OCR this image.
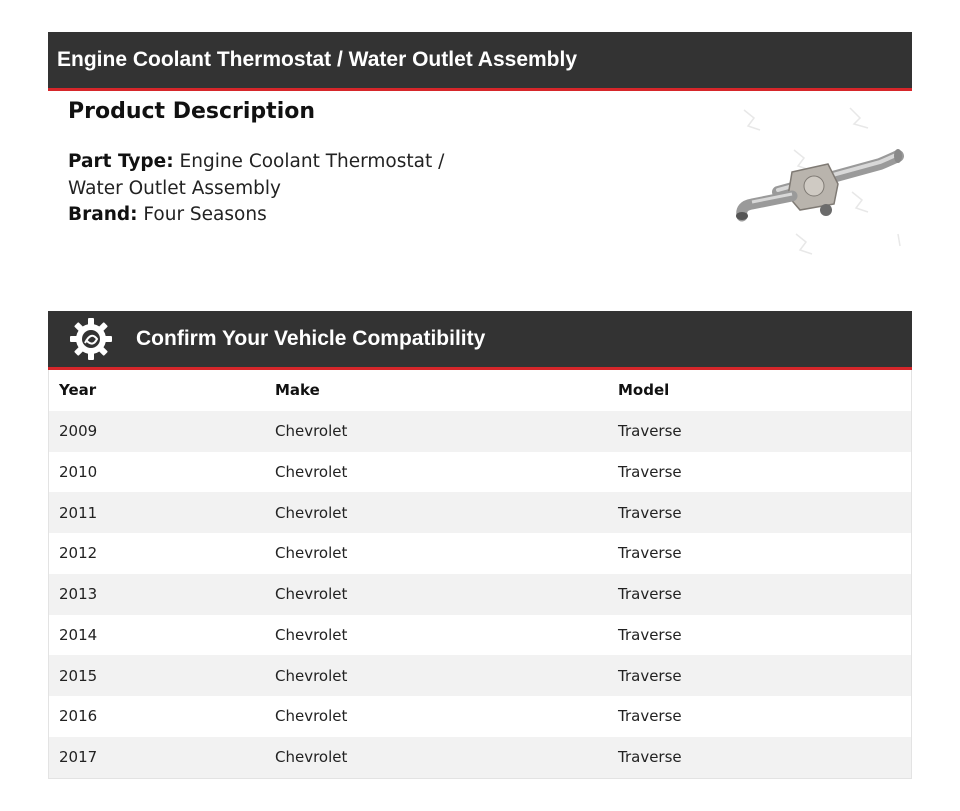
Engine Coolant Thermostat / Water Outlet Assembly
Product Description

Part Type: Engine Coolant Thermostat / Water Outlet Assembly
Brand: Four Seasons

Confirm Your Vehicle Compatibility
Year	Make	Model
2009	Chevrolet	Traverse
2010	Chevrolet	Traverse
2011	Chevrolet	Traverse
2012	Chevrolet	Traverse
2013	Chevrolet	Traverse
2014	Chevrolet	Traverse
2015	Chevrolet	Traverse
2016	Chevrolet	Traverse
2017	Chevrolet	Traverse
